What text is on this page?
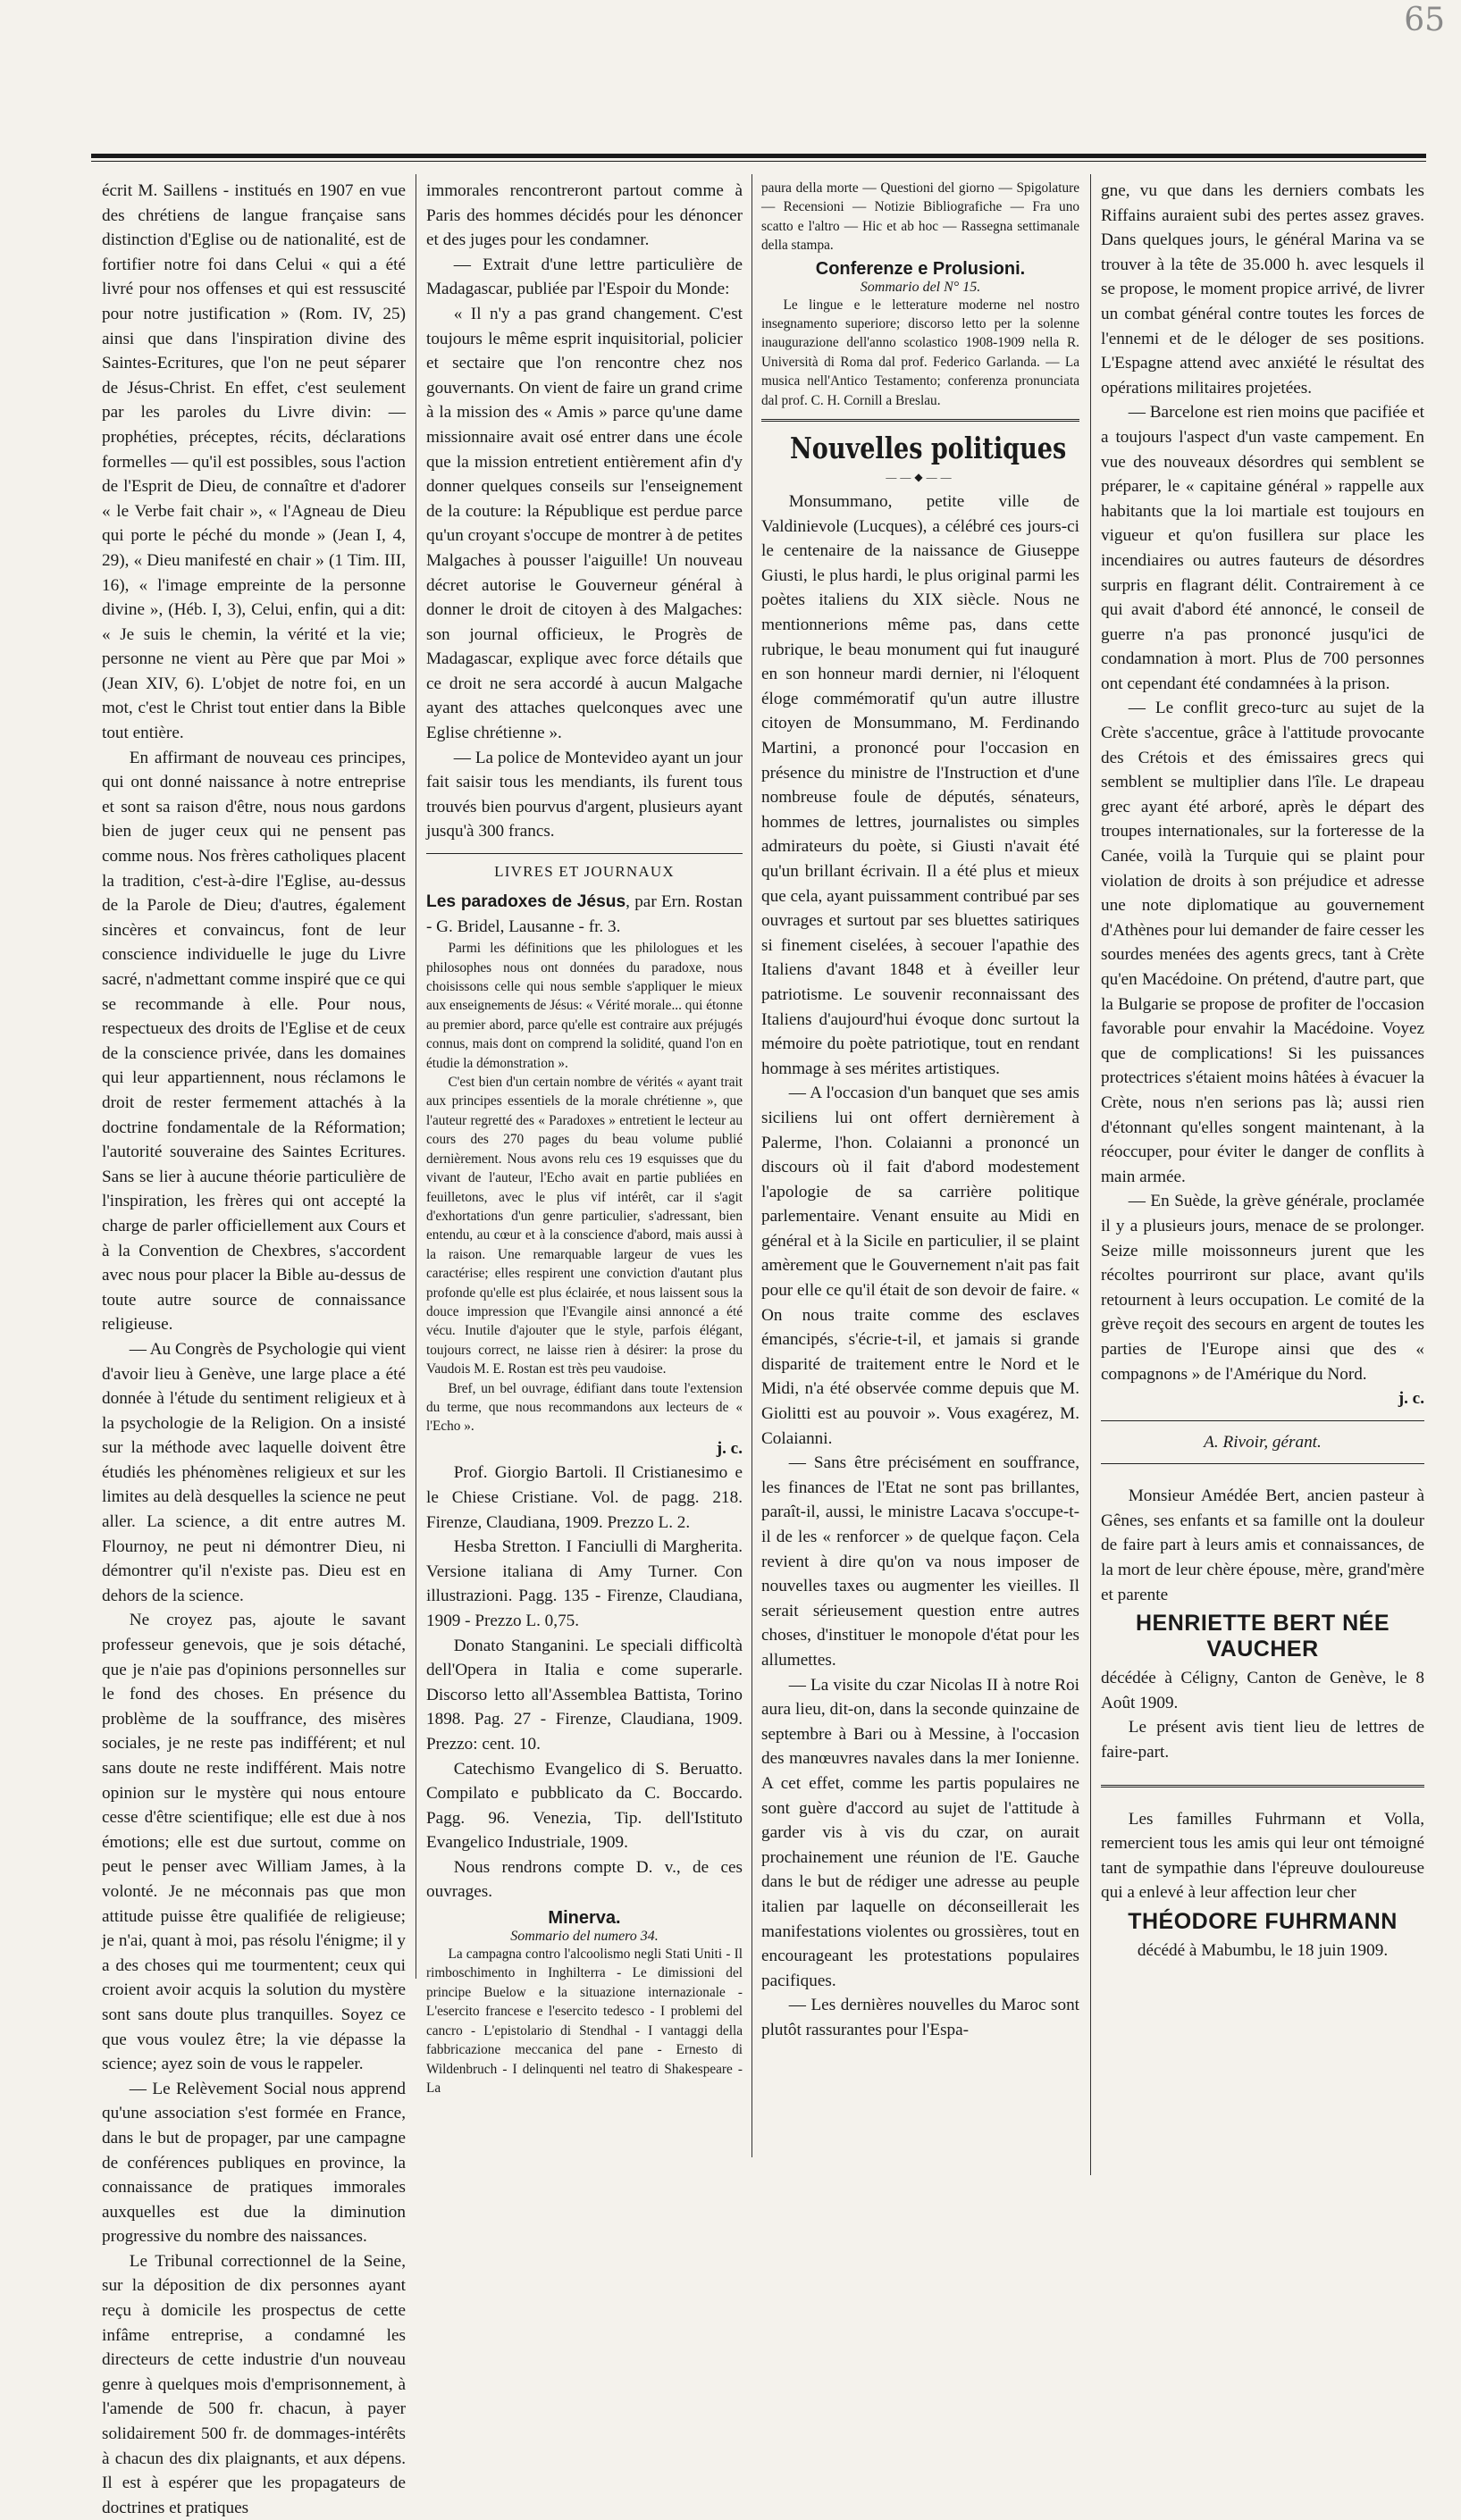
65

écrit M. Saillens - institués en 1907 en vue des chrétiens de langue française sans distinction d'Eglise ou de nationalité, est de fortifier notre foi dans Celui « qui a été livré pour nos offenses et qui est ressuscité pour notre justification » (Rom. IV, 25) ainsi que dans l'inspiration divine des Saintes-Ecritures, que l'on ne peut séparer de Jésus-Christ. En effet, c'est seulement par les paroles du Livre divin: — prophéties, préceptes, récits, déclarations formelles — qu'il est possibles, sous l'action de l'Esprit de Dieu, de connaître et d'adorer « le Verbe fait chair », « l'Agneau de Dieu qui porte le péché du monde » (Jean I, 4, 29), « Dieu manifesté en chair » (1 Tim. III, 16), « l'image empreinte de la personne divine », (Héb. I, 3), Celui, enfin, qui a dit: « Je suis le chemin, la vérité et la vie; personne ne vient au Père que par Moi » (Jean XIV, 6). L'objet de notre foi, en un mot, c'est le Christ tout entier dans la Bible tout entière.

En affirmant de nouveau ces principes, qui ont donné naissance à notre entreprise et sont sa raison d'être, nous nous gardons bien de juger ceux qui ne pensent pas comme nous. Nos frères catholiques placent la tradition, c'est-à-dire l'Eglise, au-dessus de la Parole de Dieu; d'autres, également sincères et convaincus, font de leur conscience individuelle le juge du Livre sacré, n'admettant comme inspiré que ce qui se recommande à elle. Pour nous, respectueux des droits de l'Eglise et de ceux de la conscience privée, dans les domaines qui leur appartiennent, nous réclamons le droit de rester fermement attachés à la doctrine fondamentale de la Réformation; l'autorité souveraine des Saintes Ecritures. Sans se lier à aucune théorie particulière de l'inspiration, les frères qui ont accepté la charge de parler officiellement aux Cours et à la Convention de Chexbres, s'accordent avec nous pour placer la Bible au-dessus de toute autre source de connaissance religieuse.

— Au Congrès de Psychologie qui vient d'avoir lieu à Genève, une large place a été donnée à l'étude du sentiment religieux et à la psychologie de la Religion. On a insisté sur la méthode avec laquelle doivent être étudiés les phénomènes religieux et sur les limites au delà desquelles la science ne peut aller. La science, a dit entre autres M. Flournoy, ne peut ni démontrer Dieu, ni démontrer qu'il n'existe pas. Dieu est en dehors de la science.

Ne croyez pas, ajoute le savant professeur genevois, que je sois détaché, que je n'aie pas d'opinions personnelles sur le fond des choses. En présence du problème de la souffrance, des misères sociales, je ne reste pas indifférent; et nul sans doute ne reste indifférent. Mais notre opinion sur le mystère qui nous entoure cesse d'être scientifique; elle est due à nos émotions; elle est due surtout, comme on peut le penser avec William James, à la volonté. Je ne méconnais pas que mon attitude puisse être qualifiée de religieuse; je n'ai, quant à moi, pas résolu l'énigme; il y a des choses qui me tourmentent; ceux qui croient avoir acquis la solution du mystère sont sans doute plus tranquilles. Soyez ce que vous voulez être; la vie dépasse la science; ayez soin de vous le rappeler.

— Le Relèvement Social nous apprend qu'une association s'est formée en France, dans le but de propager, par une campagne de conférences publiques en province, la connaissance de pratiques immorales auxquelles est due la diminution progressive du nombre des naissances.

Le Tribunal correctionnel de la Seine, sur la déposition de dix personnes ayant reçu à domicile les prospectus de cette infâme entreprise, a condamné les directeurs de cette industrie d'un nouveau genre à quelques mois d'emprisonnement, à l'amende de 500 fr. chacun, à payer solidairement 500 fr. de dommages-intérêts à chacun des dix plaignants, et aux dépens. Il est à espérer que les propagateurs de doctrines et pratiques

immorales rencontreront partout comme à Paris des hommes décidés pour les dénoncer et des juges pour les condamner.

— Extrait d'une lettre particulière de Madagascar, publiée par l'Espoir du Monde:

« Il n'y a pas grand changement. C'est toujours le même esprit inquisitorial, policier et sectaire que l'on rencontre chez nos gouvernants. On vient de faire un grand crime à la mission des « Amis » parce qu'une dame missionnaire avait osé entrer dans une école que la mission entretient entièrement afin d'y donner quelques conseils sur l'enseignement de la couture: la République est perdue parce qu'un croyant s'occupe de montrer à de petites Malgaches à pousser l'aiguille! Un nouveau décret autorise le Gouverneur général à donner le droit de citoyen à des Malgaches: son journal officieux, le Progrès de Madagascar, explique avec force détails que ce droit ne sera accordé à aucun Malgache ayant des attaches quelconques avec une Eglise chrétienne ».

— La police de Montevideo ayant un jour fait saisir tous les mendiants, ils furent tous trouvés bien pourvus d'argent, plusieurs ayant jusqu'à 300 francs.

LIVRES ET JOURNAUX

Les paradoxes de Jésus, par Ern. Rostan - G. Bridel, Lausanne - fr. 3.

Parmi les définitions que les philologues et les philosophes nous ont données du paradoxe, nous choisissons celle qui nous semble s'appliquer le mieux aux enseignements de Jésus: « Vérité morale... qui étonne au premier abord, parce qu'elle est contraire aux préjugés connus, mais dont on comprend la solidité, quand l'on en étudie la démonstration ».

C'est bien d'un certain nombre de vérités « ayant trait aux principes essentiels de la morale chrétienne », que l'auteur regretté des « Paradoxes » entretient le lecteur au cours des 270 pages du beau volume publié dernièrement. Nous avons relu ces 19 esquisses que du vivant de l'auteur, l'Echo avait en partie publiées en feuilletons, avec le plus vif intérêt, car il s'agit d'exhortations d'un genre particulier, s'adressant, bien entendu, au cœur et à la conscience d'abord, mais aussi à la raison. Une remarquable largeur de vues les caractérise; elles respirent une conviction d'autant plus profonde qu'elle est plus éclairée, et nous laissent sous la douce impression que l'Evangile ainsi annoncé a été vécu. Inutile d'ajouter que le style, parfois élégant, toujours correct, ne laisse rien à désirer: la prose du Vaudois M. E. Rostan est très peu vaudoise.

Bref, un bel ouvrage, édifiant dans toute l'extension du terme, que nous recommandons aux lecteurs de « l'Echo ».

j. c.

Prof. Giorgio Bartoli. Il Cristianesimo e le Chiese Cristiane. Vol. de pagg. 218. Firenze, Claudiana, 1909. Prezzo L. 2.

Hesba Stretton. I Fanciulli di Margherita. Versione italiana di Amy Turner. Con illustrazioni. Pagg. 135 - Firenze, Claudiana, 1909 - Prezzo L. 0,75.

Donato Stanganini. Le speciali difficoltà dell'Opera in Italia e come superarle. Discorso letto all'Assemblea Battista, Torino 1898. Pag. 27 - Firenze, Claudiana, 1909. Prezzo: cent. 10.

Catechismo Evangelico di S. Beruatto. Compilato e pubblicato da C. Boccardo. Pagg. 96. Venezia, Tip. dell'Istituto Evangelico Industriale, 1909.

Nous rendrons compte D. v., de ces ouvrages.

Minerva.
Sommario del numero 34.

La campagna contro l'alcoolismo negli Stati Uniti - Il rimboschimento in Inghilterra - Le dimissioni del principe Buelow e la situazione internazionale - L'esercito francese e l'esercito tedesco - I problemi del cancro - L'epistolario di Stendhal - I vantaggi della fabbricazione meccanica del pane - Ernesto di Wildenbruch - I delinquenti nel teatro di Shakespeare - La

paura della morte — Questioni del giorno — Spigolature — Recensioni — Notizie Bibliografiche — Fra uno scatto e l'altro — Hic et ab hoc — Rassegna settimanale della stampa.

Conferenze e Prolusioni.
Sommario del N° 15.

Le lingue e le letterature moderne nel nostro insegnamento superiore; discorso letto per la solenne inaugurazione dell'anno scolastico 1908-1909 nella R. Università di Roma dal prof. Federico Garlanda. — La musica nell'Antico Testamento; conferenza pronunciata dal prof. C. H. Cornill a Breslau.

Nouvelles politiques
——◆——

Monsummano, petite ville de Valdinievole (Lucques), a célébré ces jours-ci le centenaire de la naissance de Giuseppe Giusti, le plus hardi, le plus original parmi les poètes italiens du XIX siècle. Nous ne mentionnerions même pas, dans cette rubrique, le beau monument qui fut inauguré en son honneur mardi dernier, ni l'éloquent éloge commémoratif qu'un autre illustre citoyen de Monsummano, M. Ferdinando Martini, a prononcé pour l'occasion en présence du ministre de l'Instruction et d'une nombreuse foule de députés, sénateurs, hommes de lettres, journalistes ou simples admirateurs du poète, si Giusti n'avait été qu'un brillant écrivain. Il a été plus et mieux que cela, ayant puissamment contribué par ses ouvrages et surtout par ses bluettes satiriques si finement ciselées, à secouer l'apathie des Italiens d'avant 1848 et à éveiller leur patriotisme. Le souvenir reconnaissant des Italiens d'aujourd'hui évoque donc surtout la mémoire du poète patriotique, tout en rendant hommage à ses mérites artistiques.

— A l'occasion d'un banquet que ses amis siciliens lui ont offert dernièrement à Palerme, l'hon. Colaianni a prononcé un discours où il fait d'abord modestement l'apologie de sa carrière politique parlementaire. Venant ensuite au Midi en général et à la Sicile en particulier, il se plaint amèrement que le Gouvernement n'ait pas fait pour elle ce qu'il était de son devoir de faire. « On nous traite comme des esclaves émancipés, s'écrie-t-il, et jamais si grande disparité de traitement entre le Nord et le Midi, n'a été observée comme depuis que M. Giolitti est au pouvoir ». Vous exagérez, M. Colaianni.

— Sans être précisément en souffrance, les finances de l'Etat ne sont pas brillantes, paraît-il, aussi, le ministre Lacava s'occupe-t-il de les « renforcer » de quelque façon. Cela revient à dire qu'on va nous imposer de nouvelles taxes ou augmenter les vieilles. Il serait sérieusement question entre autres choses, d'instituer le monopole d'état pour les allumettes.

— La visite du czar Nicolas II à notre Roi aura lieu, dit-on, dans la seconde quinzaine de septembre à Bari ou à Messine, à l'occasion des manœuvres navales dans la mer Ionienne. A cet effet, comme les partis populaires ne sont guère d'accord au sujet de l'attitude à garder vis à vis du czar, on aurait prochainement une réunion de l'E. Gauche dans le but de rédiger une adresse au peuple italien par laquelle on déconseillerait les manifestations violentes ou grossières, tout en encourageant les protestations populaires pacifiques.

— Les dernières nouvelles du Maroc sont plutôt rassurantes pour l'Espa-

gne, vu que dans les derniers combats les Riffains auraient subi des pertes assez graves. Dans quelques jours, le général Marina va se trouver à la tête de 35.000 h. avec lesquels il se propose, le moment propice arrivé, de livrer un combat général contre toutes les forces de l'ennemi et de le déloger de ses positions. L'Espagne attend avec anxiété le résultat des opérations militaires projetées.

— Barcelone est rien moins que pacifiée et a toujours l'aspect d'un vaste campement. En vue des nouveaux désordres qui semblent se préparer, le « capitaine général » rappelle aux habitants que la loi martiale est toujours en vigueur et qu'on fusillera sur place les incendiaires ou autres fauteurs de désordres surpris en flagrant délit. Contrairement à ce qui avait d'abord été annoncé, le conseil de guerre n'a pas prononcé jusqu'ici de condamnation à mort. Plus de 700 personnes ont cependant été condamnées à la prison.

— Le conflit greco-turc au sujet de la Crète s'accentue, grâce à l'attitude provocante des Crétois et des émissaires grecs qui semblent se multiplier dans l'île. Le drapeau grec ayant été arboré, après le départ des troupes internationales, sur la forteresse de la Canée, voilà la Turquie qui se plaint pour violation de droits à son préjudice et adresse une note diplomatique au gouvernement d'Athènes pour lui demander de faire cesser les sourdes menées des agents grecs, tant à Crète qu'en Macédoine. On prétend, d'autre part, que la Bulgarie se propose de profiter de l'occasion favorable pour envahir la Macédoine. Voyez que de complications! Si les puissances protectrices s'étaient moins hâtées à évacuer la Crète, nous n'en serions pas là; aussi rien d'étonnant qu'elles songent maintenant, à la réoccuper, pour éviter le danger de conflits à main armée.

— En Suède, la grève générale, proclamée il y a plusieurs jours, menace de se prolonger. Seize mille moissonneurs jurent que les récoltes pourriront sur place, avant qu'ils retournent à leurs occupation. Le comité de la grève reçoit des secours en argent de toutes les parties de l'Europe ainsi que des « compagnons » de l'Amérique du Nord.

j. c.

A. Rivoir, gérant.

Monsieur Amédée Bert, ancien pasteur à Gênes, ses enfants et sa famille ont la douleur de faire part à leurs amis et connaissances, de la mort de leur chère épouse, mère, grand'mère et parente

HENRIETTE BERT NÉE VAUCHER

décédée à Céligny, Canton de Genève, le 8 Août 1909.

Le présent avis tient lieu de lettres de faire-part.

Les familles Fuhrmann et Volla, remercient tous les amis qui leur ont témoigné tant de sympathie dans l'épreuve douloureuse qui a enlevé à leur affection leur cher

THÉODORE FUHRMANN

décédé à Mabumbu, le 18 juin 1909.
